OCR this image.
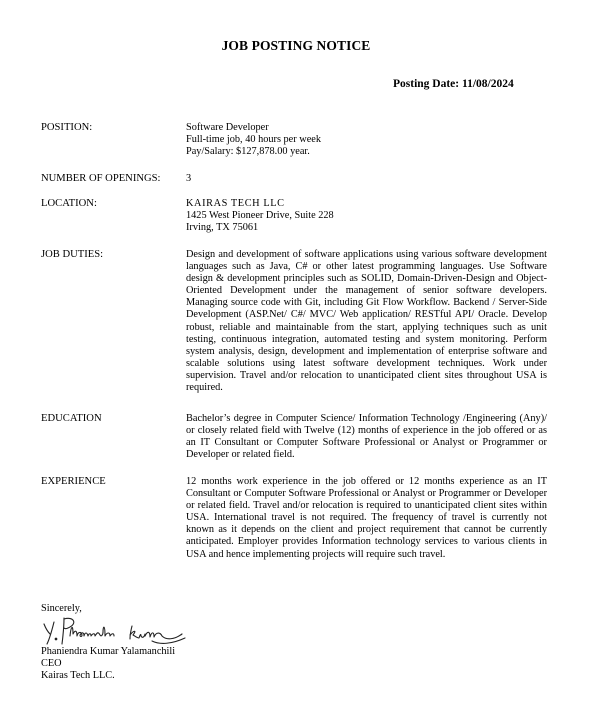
JOB POSTING NOTICE
Posting Date: 11/08/2024
POSITION:	Software Developer
Full-time job, 40 hours per week
Pay/Salary: $127,878.00 year.
NUMBER OF OPENINGS: 3
LOCATION:	KAIRAS TECH LLC
1425 West Pioneer Drive, Suite 228
Irving, TX 75061
JOB DUTIES:	Design and development of software applications using various software development languages such as Java, C# or other latest programming languages. Use Software design & development principles such as SOLID, Domain-Driven-Design and Object-Oriented Development under the management of senior software developers. Managing source code with Git, including Git Flow Workflow. Backend / Server-Side Development (ASP.Net/ C#/ MVC/ Web application/ RESTful API/ Oracle. Develop robust, reliable and maintainable from the start, applying techniques such as unit testing, continuous integration, automated testing and system monitoring. Perform system analysis, design, development and implementation of enterprise software and scalable solutions using latest software development techniques. Work under supervision. Travel and/or relocation to unanticipated client sites throughout USA is required.
EDUCATION	Bachelor’s degree in Computer Science/ Information Technology /Engineering (Any)/ or closely related field with Twelve (12) months of experience in the job offered or as an IT Consultant or Computer Software Professional or Analyst or Programmer or Developer or related field.
EXPERIENCE	12 months work experience in the job offered or 12 months experience as an IT Consultant or Computer Software Professional or Analyst or Programmer or Developer or related field. Travel and/or relocation is required to unanticipated client sites within USA. International travel is not required. The frequency of travel is currently not known as it depends on the client and project requirement that cannot be currently anticipated. Employer provides Information technology services to various clients in USA and hence implementing projects will require such travel.
Sincerely,
Phaniendra Kumar Yalamanchili
CEO
Kairas Tech LLC.
